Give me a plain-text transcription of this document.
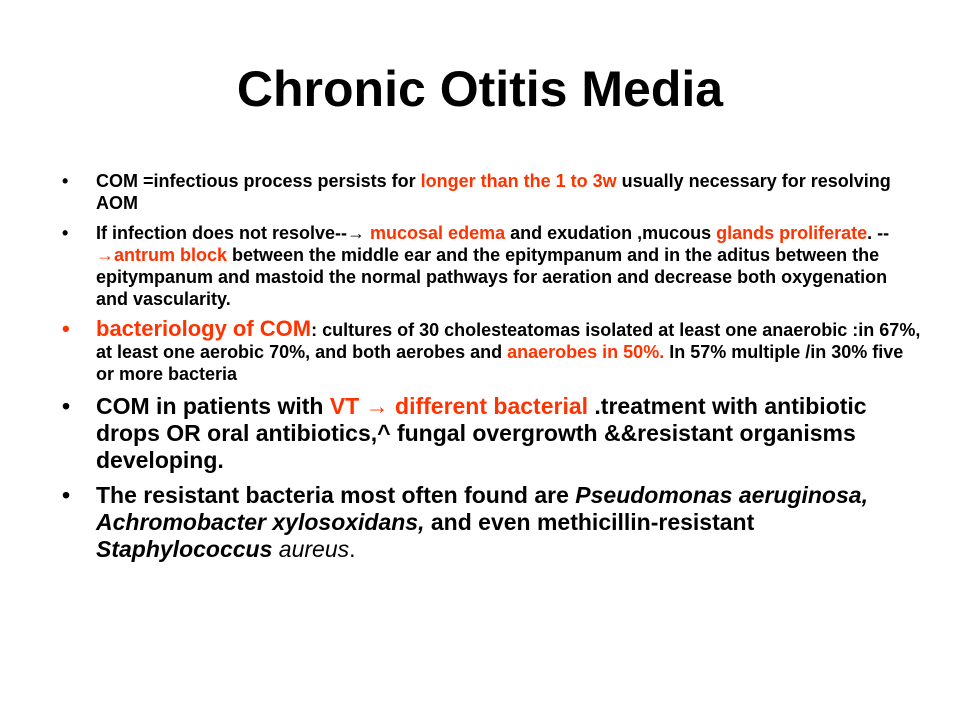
Chronic Otitis Media
• COM =infectious process persists for longer than the 1 to 3w usually necessary for resolving AOM
• If infection does not resolve--→ mucosal edema and exudation ,mucous glands proliferate. --→antrum block between the middle ear and the epitympanum and in the aditus between the epitympanum and mastoid the normal pathways for aeration and decrease both oxygenation and vascularity.
• bacteriology of COM: cultures of 30 cholesteatomas isolated at least one anaerobic :in 67%, at least one aerobic 70%, and both aerobes and anaerobes in 50%. In 57% multiple /in 30% five or more bacteria
• COM in patients with VT → different bacterial .treatment with antibiotic drops OR oral antibiotics,^ fungal overgrowth &&resistant organisms developing.
• The resistant bacteria most often found are Pseudomonas aeruginosa, Achromobacter xylosoxidans, and even methicillin-resistant Staphylococcus aureus.
